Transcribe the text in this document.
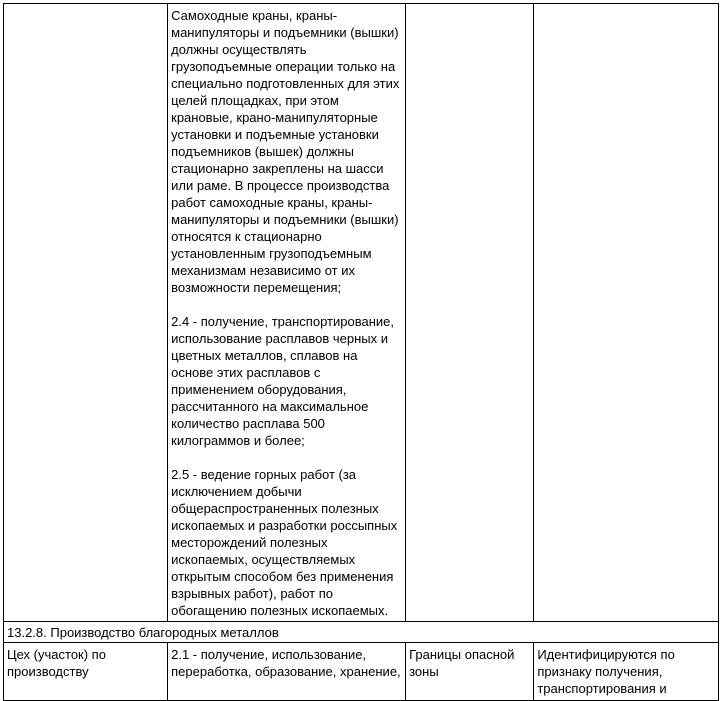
	Самоходные краны, краны-манипуляторы и подъемники (вышки) должны осуществлять грузоподъемные операции только на специально подготовленных для этих целей площадках, при этом крановые, крано-манипуляторные установки и подъемные установки подъемников (вышек) должны стационарно закреплены на шасси или раме. В процессе производства работ самоходные краны, краны-манипуляторы и подъемники (вышки) относятся к стационарно установленным грузоподъемным механизмам независимо от их возможности перемещения;

2.4 - получение, транспортирование, использование расплавов черных и цветных металлов, сплавов на основе этих расплавов с применением оборудования, рассчитанного на максимальное количество расплава 500 килограммов и более;

2.5 - ведение горных работ (за исключением добычи общераспространенных полезных ископаемых и разработки россыпных месторождений полезных ископаемых, осуществляемых открытым способом без применения взрывных работ), работ по обогащению полезных ископаемых.		

13.2.8. Производство благородных металлов			

Цех (участок) по производству	2.1 - получение, использование, переработка, образование, хранение,	Границы опасной зоны	Идентифицируются по признаку получения, транспортирования и
